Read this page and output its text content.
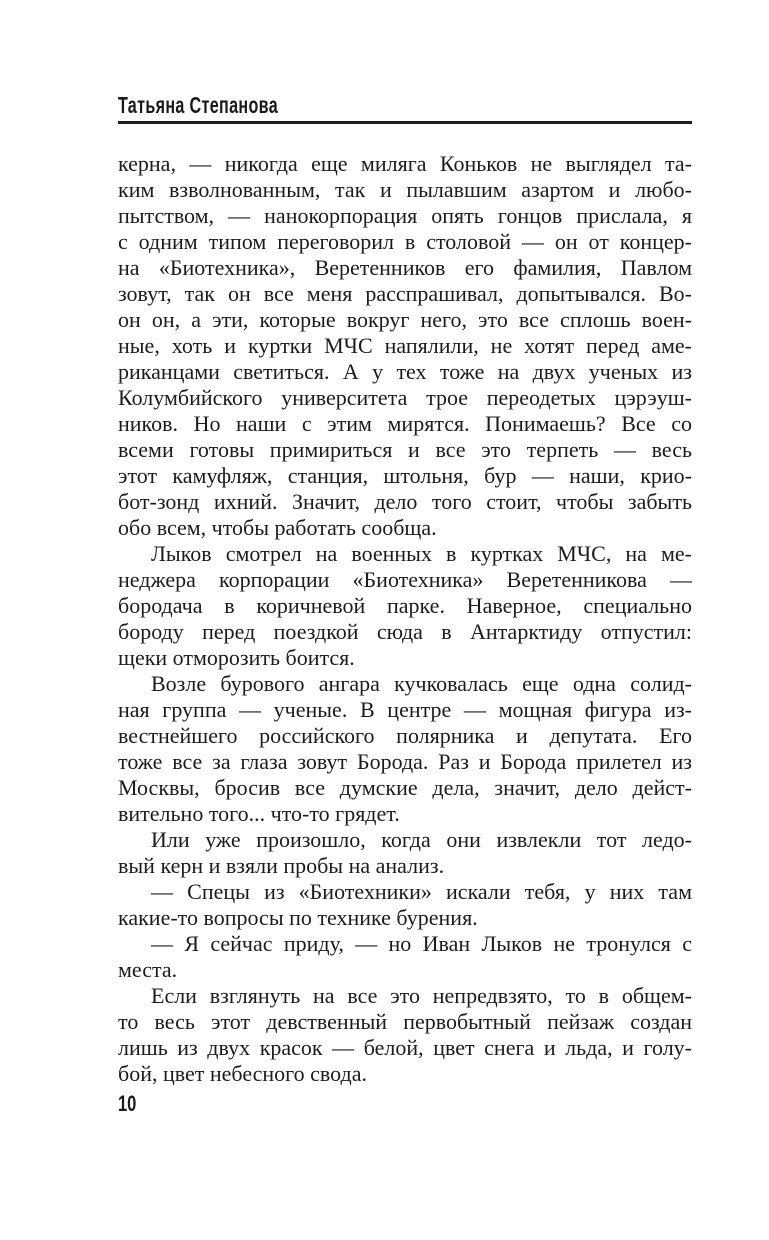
Татьяна Степанова
керна, — никогда еще миляга Коньков не выглядел та-
ким взволнованным, так и пылавшим азартом и любо-
пытством, — нанокорпорация опять гонцов прислала, я
с одним типом переговорил в столовой — он от концер-
на «Биотехника», Веретенников его фамилия, Павлом
зовут, так он все меня расспрашивал, допытывался. Во-
он он, а эти, которые вокруг него, это все сплошь воен-
ные, хоть и куртки МЧС напялили, не хотят перед аме-
риканцами светиться. А у тех тоже на двух ученых из
Колумбийского университета трое переодетых цэрэуш-
ников. Но наши с этим мирятся. Понимаешь? Все со
всеми готовы примириться и все это терпеть — весь
этот камуфляж, станция, штольня, бур — наши, крио-
бот-зонд ихний. Значит, дело того стоит, чтобы забыть
обо всем, чтобы работать сообща.
Лыков смотрел на военных в куртках МЧС, на ме-
неджера корпорации «Биотехника» Веретенникова —
бородача в коричневой парке. Наверное, специально
бороду перед поездкой сюда в Антарктиду отпустил:
щеки отморозить боится.
Возле бурового ангара кучковалась еще одна солид-
ная группа — ученые. В центре — мощная фигура из-
вестнейшего российского полярника и депутата. Его
тоже все за глаза зовут Борода. Раз и Борода прилетел из
Москвы, бросив все думские дела, значит, дело дейст-
вительно того... что-то грядет.
Или уже произошло, когда они извлекли тот ледо-
вый керн и взяли пробы на анализ.
— Спецы из «Биотехники» искали тебя, у них там
какие-то вопросы по технике бурения.
— Я сейчас приду, — но Иван Лыков не тронулся с
места.
Если взглянуть на все это непредвзято, то в общем-
то весь этот девственный первобытный пейзаж создан
лишь из двух красок — белой, цвет снега и льда, и голу-
бой, цвет небесного свода.
10
